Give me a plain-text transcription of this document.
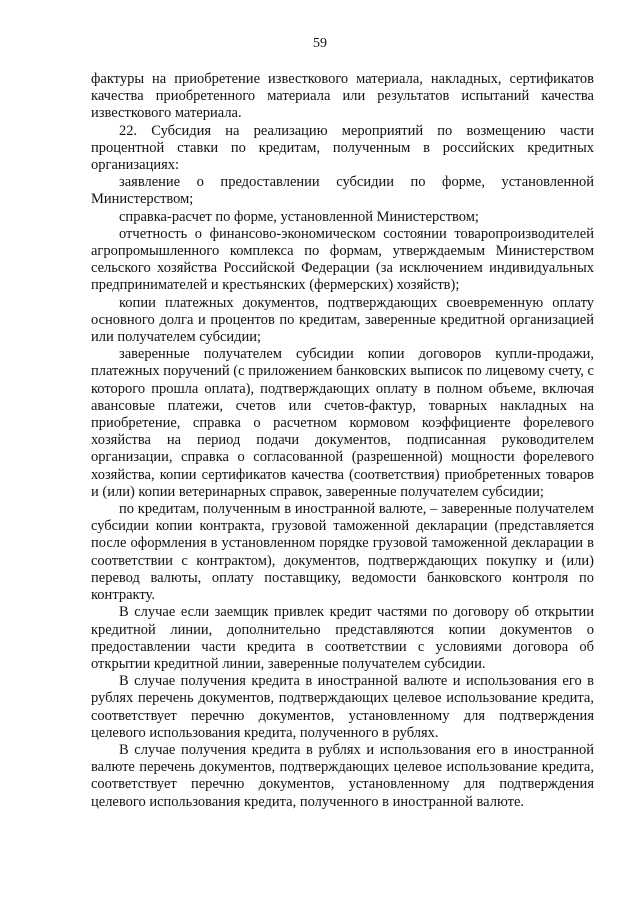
59

фактуры на приобретение известкового материала, накладных, сертификатов качества приобретенного материала или результатов испытаний качества известкового материала.

22. Субсидия на реализацию мероприятий по возмещению части процентной ставки по кредитам, полученным в российских кредитных организациях:

заявление о предоставлении субсидии по форме, установленной Министерством;

справка-расчет по форме, установленной Министерством;

отчетность о финансово-экономическом состоянии товаропроизводителей агропромышленного комплекса по формам, утверждаемым Министерством сельского хозяйства Российской Федерации (за исключением индивидуальных предпринимателей и крестьянских (фермерских) хозяйств);

копии платежных документов, подтверждающих своевременную оплату основного долга и процентов по кредитам, заверенные кредитной организацией или получателем субсидии;

заверенные получателем субсидии копии договоров купли-продажи, платежных поручений (с приложением банковских выписок по лицевому счету, с которого прошла оплата), подтверждающих оплату в полном объеме, включая авансовые платежи, счетов или счетов-фактур, товарных накладных на приобретение, справка о расчетном кормовом коэффициенте форелевого хозяйства на период подачи документов, подписанная руководителем организации, справка о согласованной (разрешенной) мощности форелевого хозяйства, копии сертификатов качества (соответствия) приобретенных товаров и (или) копии ветеринарных справок, заверенные получателем субсидии;

по кредитам, полученным в иностранной валюте, – заверенные получателем субсидии копии контракта, грузовой таможенной декларации (представляется после оформления в установленном порядке грузовой таможенной декларации в соответствии с контрактом), документов, подтверждающих покупку и (или) перевод валюты, оплату поставщику, ведомости банковского контроля по контракту.

В случае если заемщик привлек кредит частями по договору об открытии кредитной линии, дополнительно представляются копии документов о предоставлении части кредита в соответствии с условиями договора об открытии кредитной линии, заверенные получателем субсидии.

В случае получения кредита в иностранной валюте и использования его в рублях перечень документов, подтверждающих целевое использование кредита, соответствует перечню документов, установленному для подтверждения целевого использования кредита, полученного в рублях.

В случае получения кредита в рублях и использования его в иностранной валюте перечень документов, подтверждающих целевое использование кредита, соответствует перечню документов, установленному для подтверждения целевого использования кредита, полученного в иностранной валюте.
